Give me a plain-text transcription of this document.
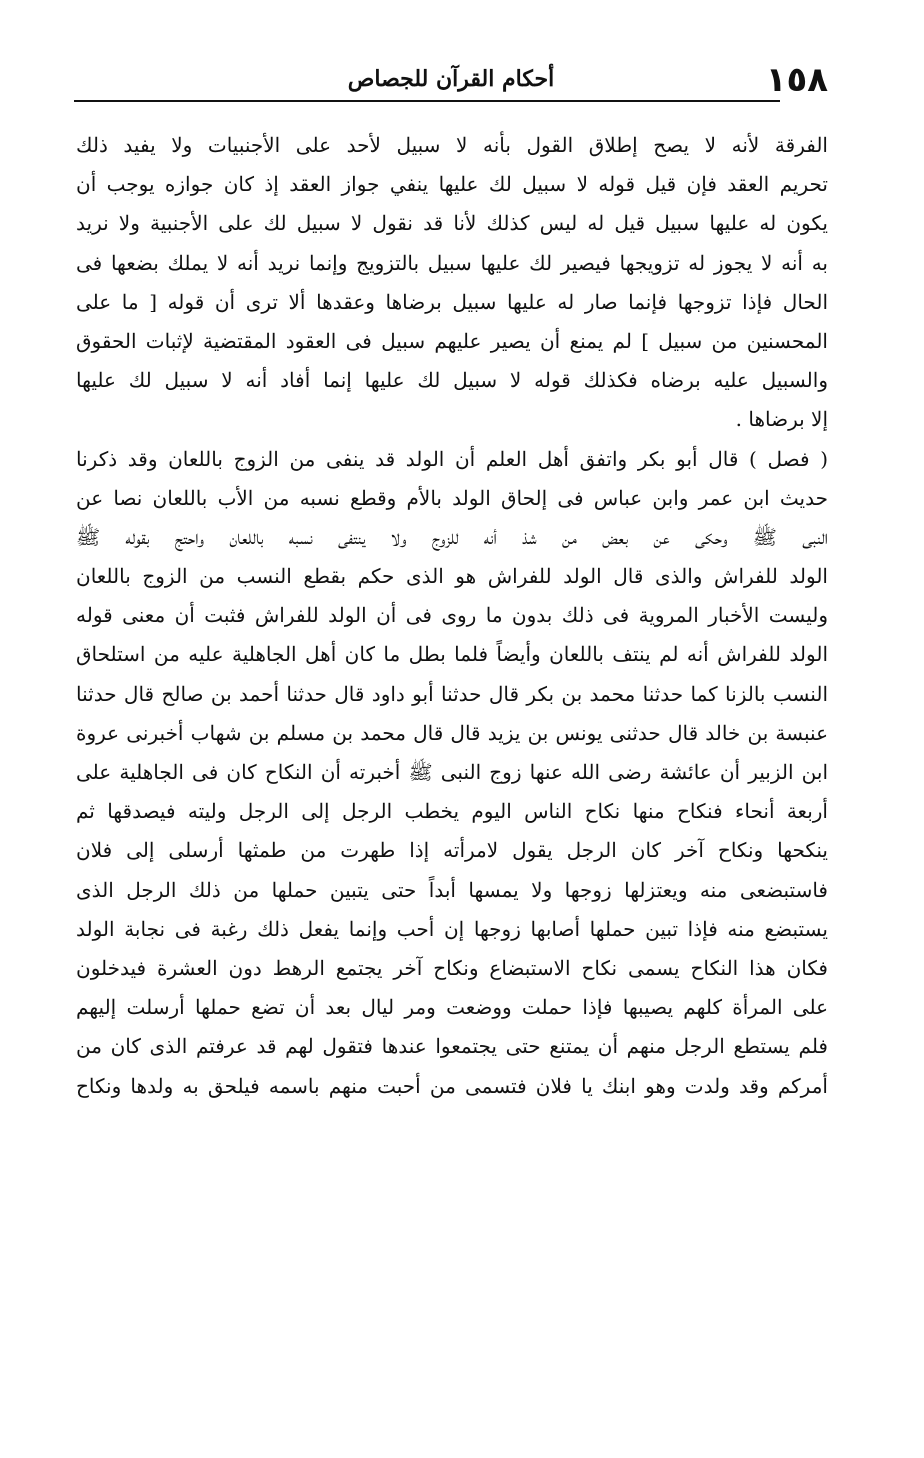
١٥٨
أحكام القرآن للجصاص
الفرقة لأنه لا يصح إطلاق القول بأنه لا سبيل لأحد على الأجنبيات ولا يفيد ذلك
تحريم العقد فإن قيل قوله لا سبيل لك عليها ينفي جواز العقد إذ كان جوازه يوجب أن
يكون له عليها سبيل قيل له ليس كذلك لأنا قد نقول لا سبيل لك على الأجنبية ولا نريد
به أنه لا يجوز له تزويجها فيصير لك عليها سبيل بالتزويج وإنما نريد أنه لا يملك بضعها فى
الحال فإذا تزوجها فإنما صار له عليها سبيل برضاها وعقدها ألا ترى أن قوله [ ما على
المحسنين من سبيل ] لم يمنع أن يصير عليهم سبيل فى العقود المقتضية لإثبات الحقوق
والسبيل عليه برضاه فكذلك قوله لا سبيل لك عليها إنما أفاد أنه لا سبيل لك عليها
إلا برضاها .
( فصل ) قال أبو بكر واتفق أهل العلم أن الولد قد ينفى من الزوج باللعان وقد ذكرنا
حديث ابن عمر وابن عباس فى إلحاق الولد بالأم وقطع نسبه من الأب باللعان نصا عن
النبى ﷺ وحكى عن بعض من شذ أنه للزوج ولا ينتفى نسبه باللعان واحتج بقوله ﷺ
الولد للفراش والذى قال الولد للفراش هو الذى حكم بقطع النسب من الزوج باللعان
وليست الأخبار المروية فى ذلك بدون ما روى فى أن الولد للفراش فثبت أن معنى قوله
الولد للفراش أنه لم ينتف باللعان وأيضاً فلما بطل ما كان أهل الجاهلية عليه من استلحاق
النسب بالزنا كما حدثنا محمد بن بكر قال حدثنا أبو داود قال حدثنا أحمد بن صالح قال حدثنا
عنبسة بن خالد قال حدثنى يونس بن يزيد قال قال محمد بن مسلم بن شهاب أخبرنى عروة
ابن الزبير أن عائشة رضى الله عنها زوج النبى ﷺ أخبرته أن النكاح كان فى الجاهلية على
أربعة أنحاء فنكاح منها نكاح الناس اليوم يخطب الرجل إلى الرجل وليته فيصدقها ثم
ينكحها ونكاح آخر كان الرجل يقول لامرأته إذا طهرت من طمثها أرسلى إلى فلان
فاستبضعى منه ويعتزلها زوجها ولا يمسها أبداً حتى يتبين حملها من ذلك الرجل الذى
يستبضع منه فإذا تبين حملها أصابها زوجها إن أحب وإنما يفعل ذلك رغبة فى نجابة الولد
فكان هذا النكاح يسمى نكاح الاستبضاع ونكاح آخر يجتمع الرهط دون العشرة فيدخلون
على المرأة كلهم يصيبها فإذا حملت ووضعت ومر ليال بعد أن تضع حملها أرسلت إليهم
فلم يستطع الرجل منهم أن يمتنع حتى يجتمعوا عندها فتقول لهم قد عرفتم الذى كان من
أمركم وقد ولدت وهو ابنك يا فلان فتسمى من أحبت منهم باسمه فيلحق به ولدها ونكاح
